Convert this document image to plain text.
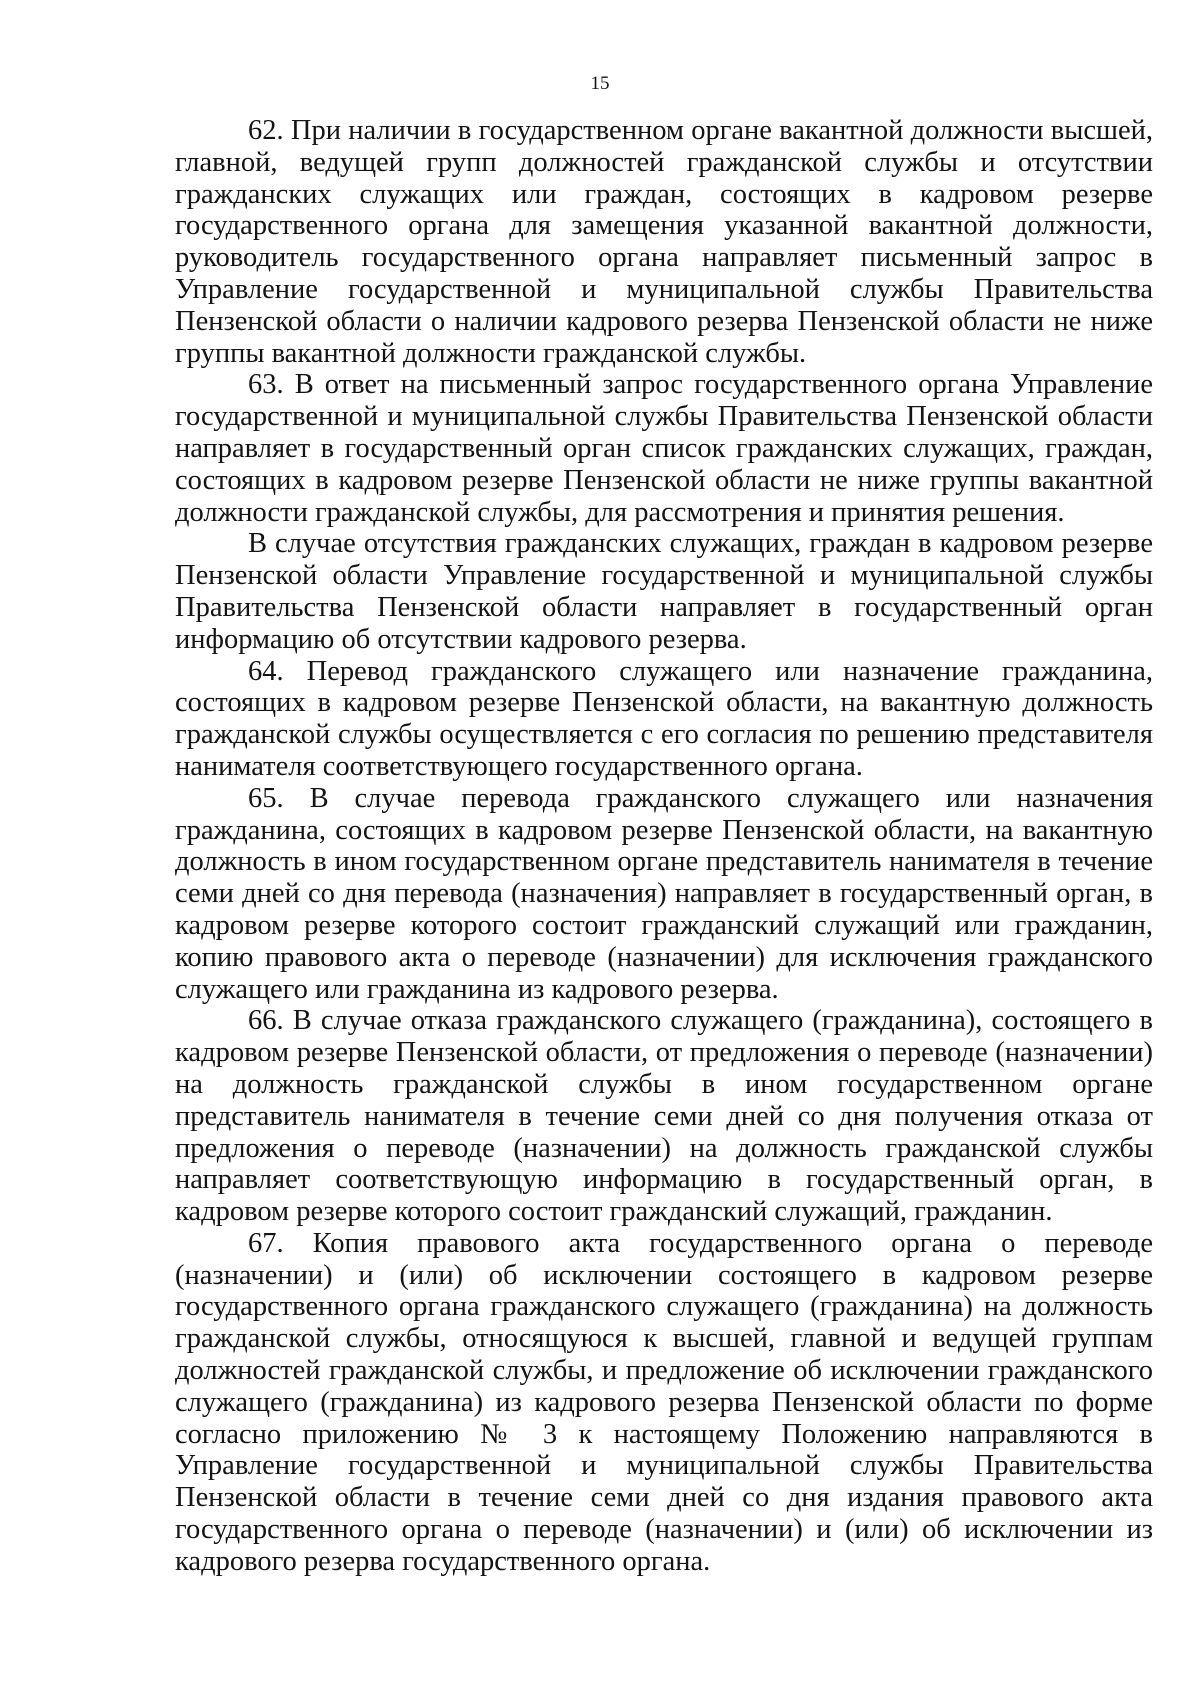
15

62. При наличии в государственном органе вакантной должности высшей, главной, ведущей групп должностей гражданской службы и отсутствии гражданских служащих или граждан, состоящих в кадровом резерве государственного органа для замещения указанной вакантной должности, руководитель государственного органа направляет письменный запрос в Управление государственной и муниципальной службы Правительства Пензенской области о наличии кадрового резерва Пензенской области не ниже группы вакантной должности гражданской службы.

63. В ответ на письменный запрос государственного органа Управление государственной и муниципальной службы Правительства Пензенской области направляет в государственный орган список гражданских служащих, граждан, состоящих в кадровом резерве Пензенской области не ниже группы вакантной должности гражданской службы, для рассмотрения и принятия решения.

В случае отсутствия гражданских служащих, граждан в кадровом резерве Пензенской области Управление государственной и муниципальной службы Правительства Пензенской области направляет в государственный орган информацию об отсутствии кадрового резерва.

64. Перевод гражданского служащего или назначение гражданина, состоящих в кадровом резерве Пензенской области, на вакантную должность гражданской службы осуществляется с его согласия по решению представителя нанимателя соответствующего государственного органа.

65. В случае перевода гражданского служащего или назначения гражданина, состоящих в кадровом резерве Пензенской области, на вакантную должность в ином государственном органе представитель нанимателя в течение семи дней со дня перевода (назначения) направляет в государственный орган, в кадровом резерве которого состоит гражданский служащий или гражданин, копию правового акта о переводе (назначении) для исключения гражданского служащего или гражданина из кадрового резерва.

66. В случае отказа гражданского служащего (гражданина), состоящего в кадровом резерве Пензенской области, от предложения о переводе (назначении) на должность гражданской службы в ином государственном органе представитель нанимателя в течение семи дней со дня получения отказа от предложения о переводе (назначении) на должность гражданской службы направляет соответствующую информацию в государственный орган, в кадровом резерве которого состоит гражданский служащий, гражданин.

67. Копия правового акта государственного органа о переводе (назначении) и (или) об исключении состоящего в кадровом резерве государственного органа гражданского служащего (гражданина) на должность гражданской службы, относящуюся к высшей, главной и ведущей группам должностей гражданской службы, и предложение об исключении гражданского служащего (гражданина) из кадрового резерва Пензенской области по форме согласно приложению № 3 к настоящему Положению направляются в Управление государственной и муниципальной службы Правительства Пензенской области в течение семи дней со дня издания правового акта государственного органа о переводе (назначении) и (или) об исключении из кадрового резерва государственного органа.
